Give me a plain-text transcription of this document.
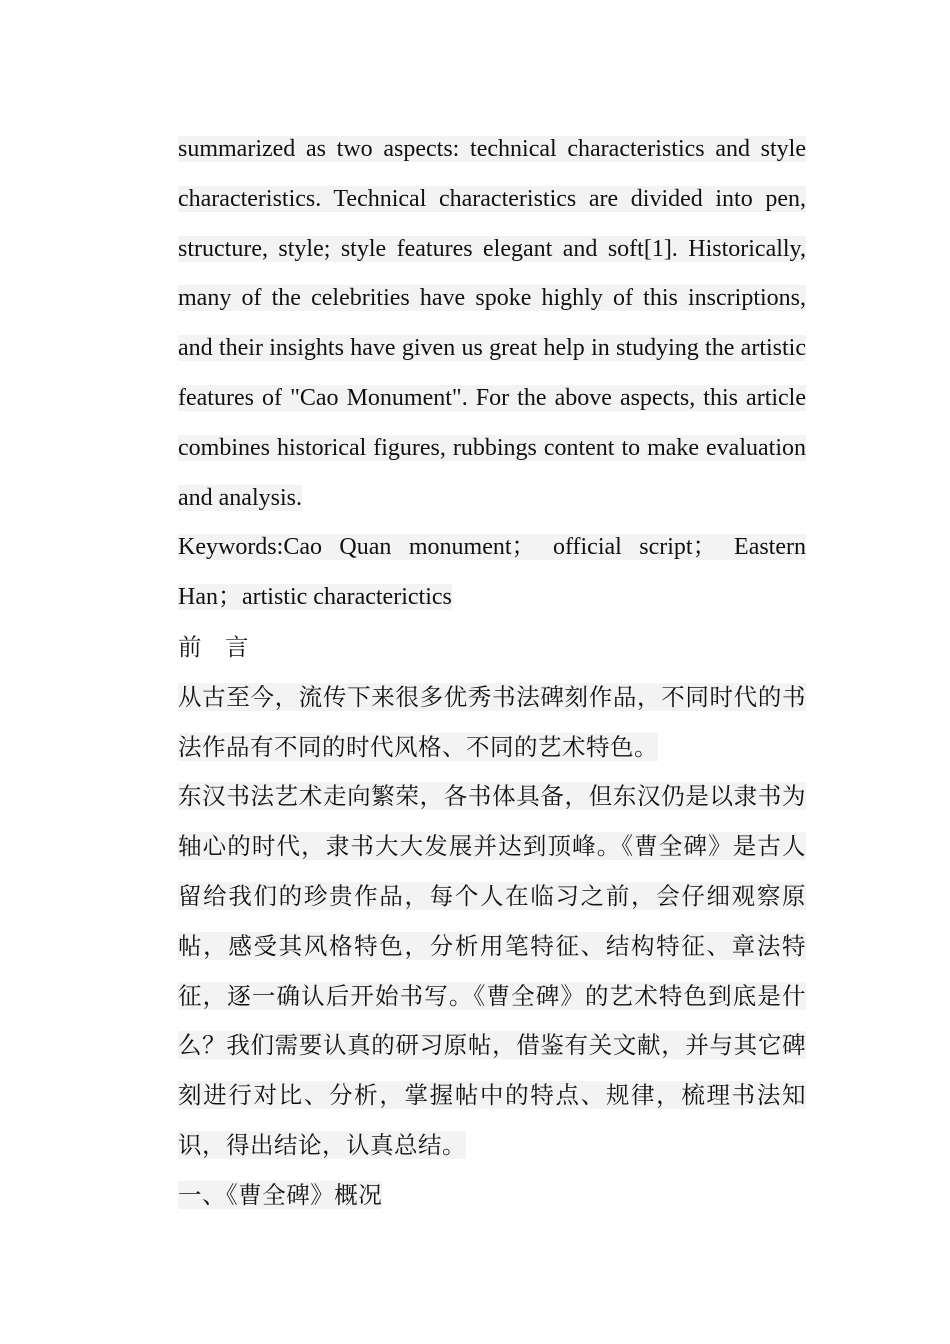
summarized as two aspects: technical characteristics and style characteristics. Technical characteristics are divided into pen, structure, style; style features elegant and soft[1]. Historically, many of the celebrities have spoke highly of this inscriptions, and their insights have given us great help in studying the artistic features of "Cao Monument". For the above aspects, this article combines historical figures, rubbings content to make evaluation and analysis.

Keywords:Cao Quan monument； official script； Eastern Han；artistic characterictics

前 言

从古至今，流传下来很多优秀书法碑刻作品，不同时代的书法作品有不同的时代风格、不同的艺术特色。

东汉书法艺术走向繁荣，各书体具备，但东汉仍是以隶书为轴心的时代，隶书大大发展并达到顶峰。《曹全碑》是古人留给我们的珍贵作品，每个人在临习之前，会仔细观察原帖，感受其风格特色，分析用笔特征、结构特征、章法特征，逐一确认后开始书写。《曹全碑》的艺术特色到底是什么？我们需要认真的研习原帖，借鉴有关文献，并与其它碑刻进行对比、分析，掌握帖中的特点、规律，梳理书法知识，得出结论，认真总结。

一、《曹全碑》概况
